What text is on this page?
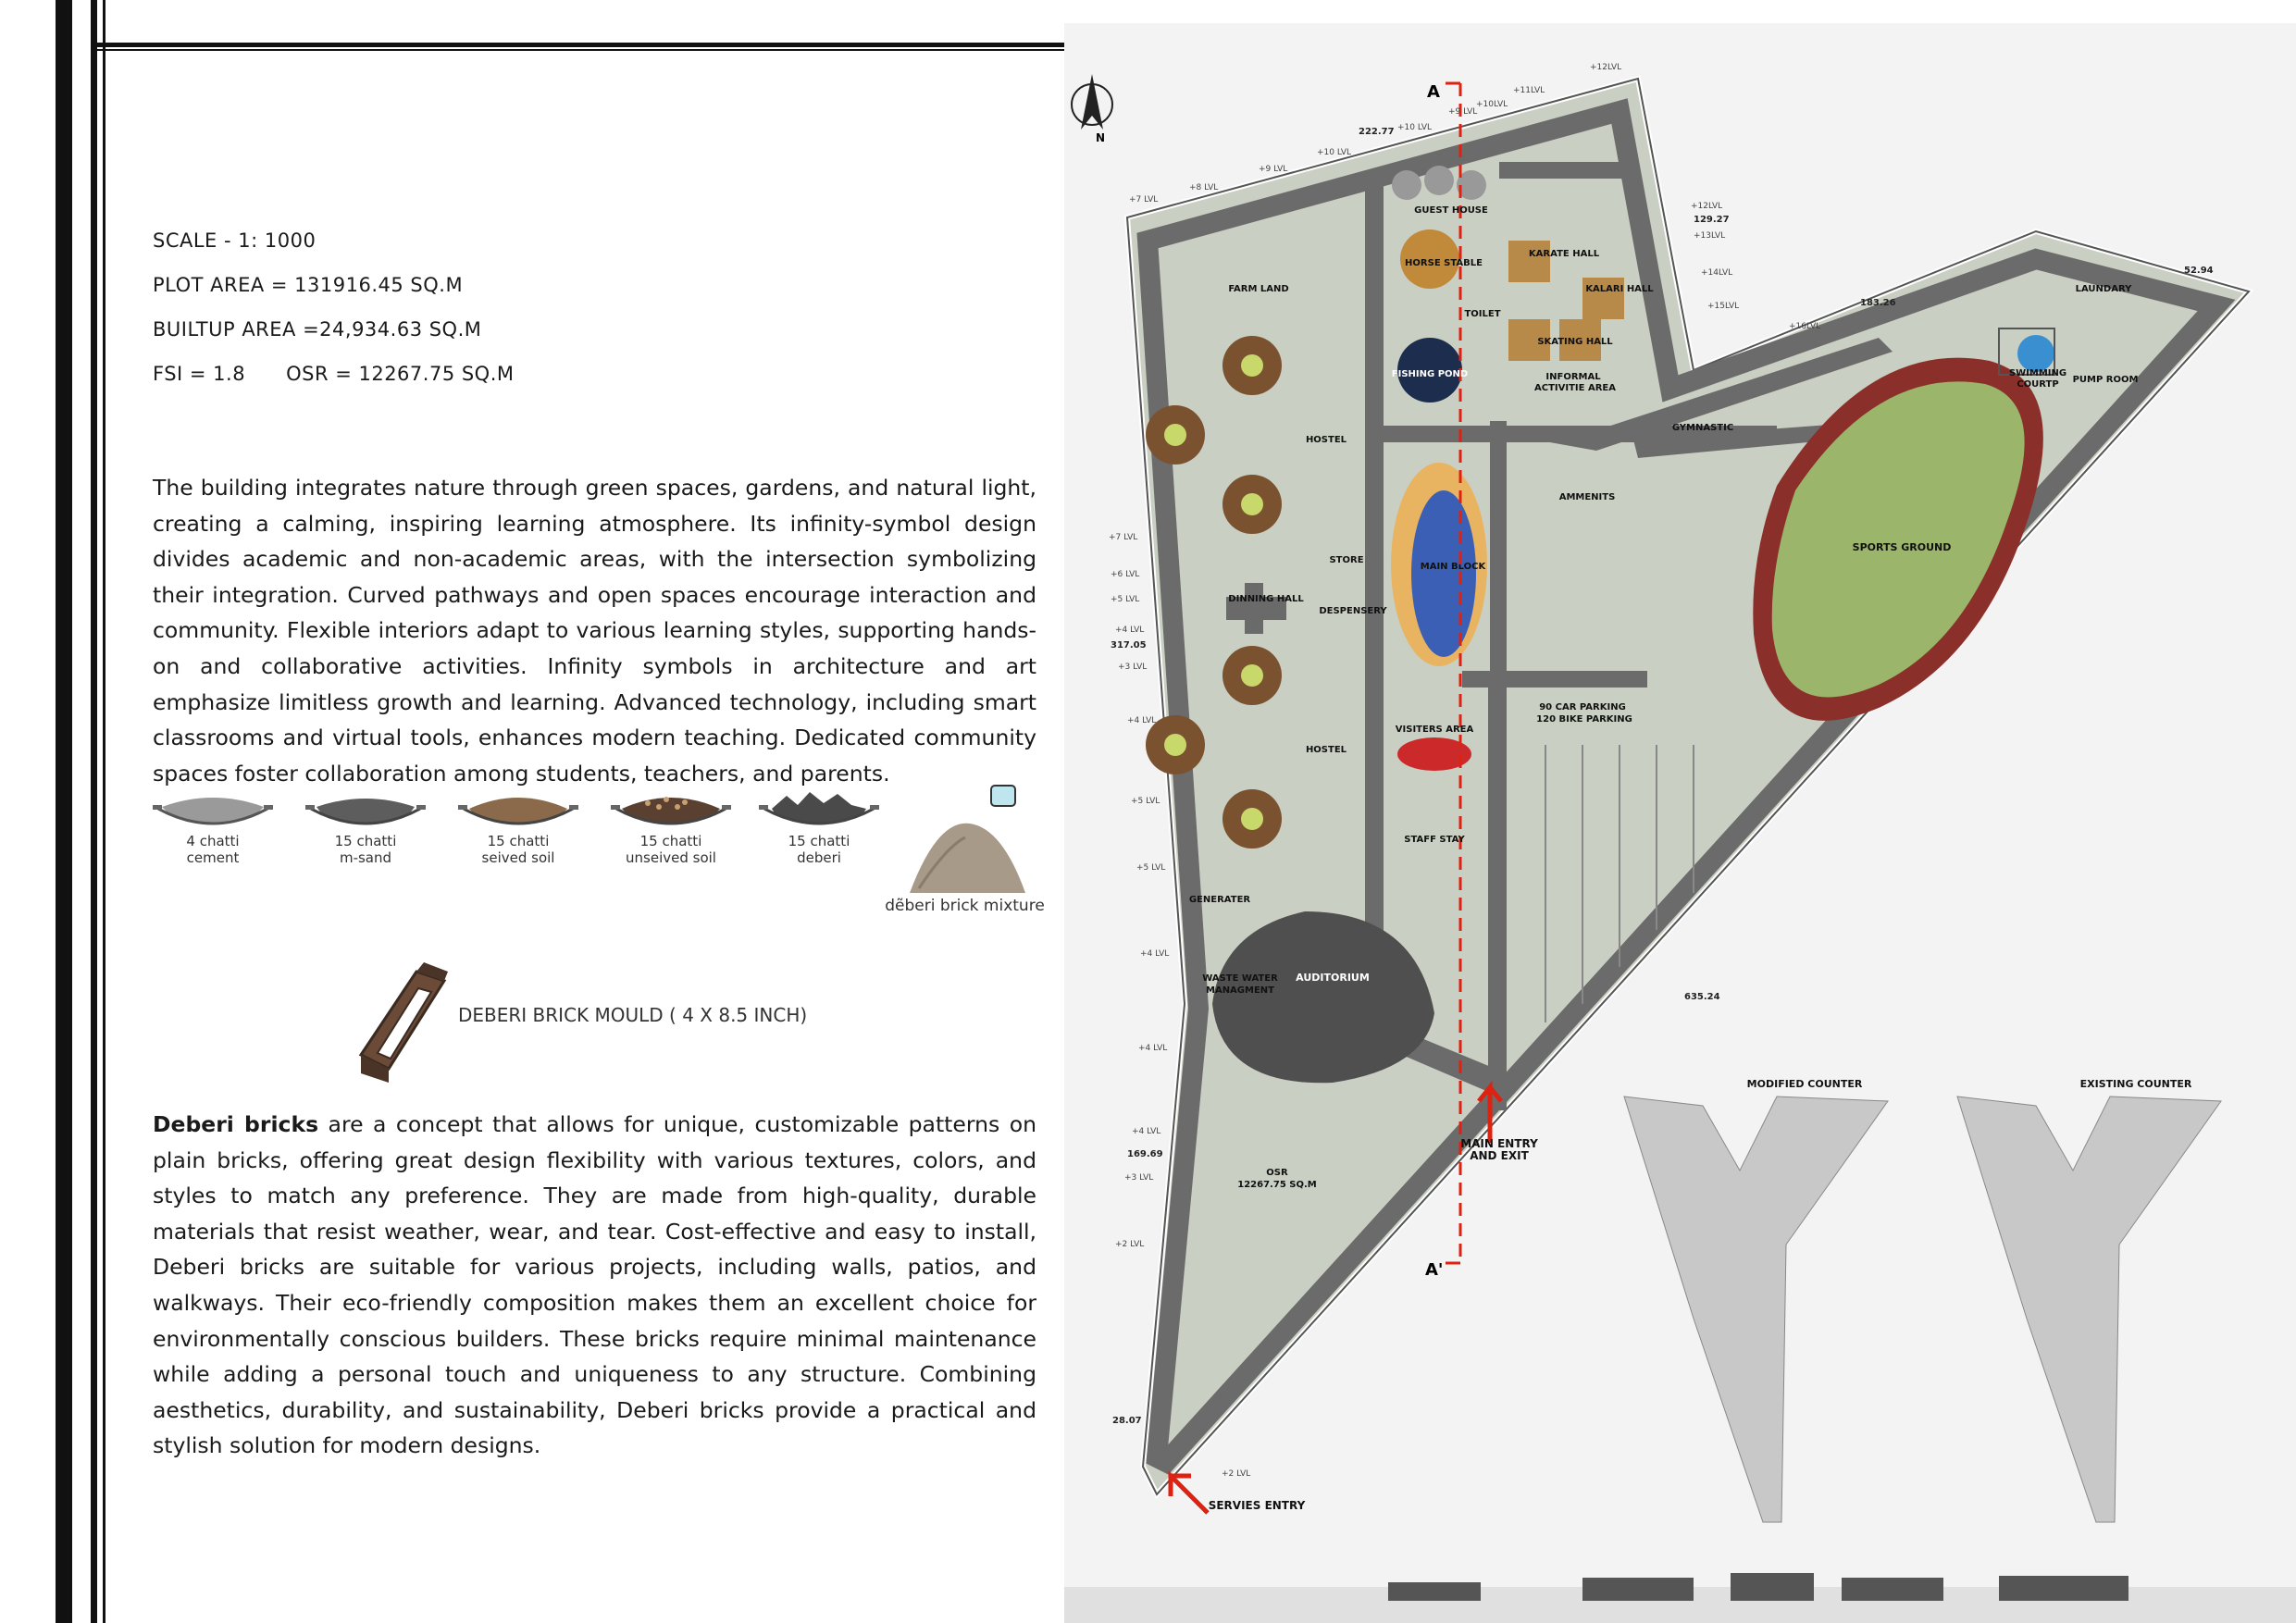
SCALE - 1: 1000
PLOT AREA = 131916.45 SQ.M
BUILTUP AREA =24,934.63 SQ.M
FSI = 1.8 OSR = 12267.75 SQ.M
The building integrates nature through green spaces, gardens, and natural light, creating a calming, inspiring learning atmosphere. Its infinity-symbol design divides academic and non-academic areas, with the intersection symbolizing their integration. Curved pathways and open spaces encourage interaction and community. Flexible interiors adapt to various learning styles, supporting hands-on and collaborative activities. Infinity symbols in architecture and art emphasize limitless growth and learning. Advanced technology, including smart classrooms and virtual tools, enhances modern teaching. Dedicated community spaces foster collaboration among students, teachers, and parents.
4 chatti
cement
15 chatti
m-sand
15 chatti
seived soil
15 chatti
unseived soil
15 chatti
deberi
dẽberi brick mixture
DEBERI BRICK MOULD ( 4 X 8.5 INCH)
Deberi bricks are a concept that allows for unique, customizable patterns on plain bricks, offering great design flexibility with various textures, colors, and styles to match any preference. They are made from high-quality, durable materials that resist weather, wear, and tear. Cost-effective and easy to install, Deberi bricks are suitable for various projects, including walls, patios, and walkways. Their eco-friendly composition makes them an excellent choice for environmentally conscious builders. These bricks require minimal maintenance while adding a personal touch and uniqueness to any structure. Combining aesthetics, durability, and sustainability, Deberi bricks provide a practical and stylish solution for modern designs.
N
AUDITORIUM
SPORTS GROUND
MAIN BLOCK
A
A'
GUEST HOUSE
HORSE STABLE
KARATE HALL
KALARI HALL
TOILET
SKATING HALL
FISHING POND	INFORMAL
ACTIVITIE AREA
FARM LAND
HOSTEL
HOSTEL
GYMNASTIC
AMMENITS
STORE
DINNING HALL
DESPENSERY
LAUNDARY
SWIMMING
COURTP PUMP ROOM
VISITERS AREA
90 CAR PARKING
120 BIKE PARKING
STAFF STAY
GENERATER
WASTE WATER
MANAGMENT
OSR
12267.75 SQ.M
MAIN ENTRY
AND EXIT
SERVIES ENTRY
MODIFIED COUNTER	EXISTING COUNTER
222.77
129.27
52.94
183.26
317.05
635.24
169.69
28.07
+12LVL
+11LVL
+10LVL
+9 LVL
+10 LVL
+10 LVL
+9 LVL
+8 LVL
+7 LVL
+12LVL
+13LVL
+14LVL
+15LVL
+16LVL
+7 LVL
+6 LVL
+5 LVL
+4 LVL
+3 LVL
+4 LVL
+5 LVL
+5 LVL
+4 LVL
+4 LVL
+4 LVL
+3 LVL
+2 LVL
+2 LVL
